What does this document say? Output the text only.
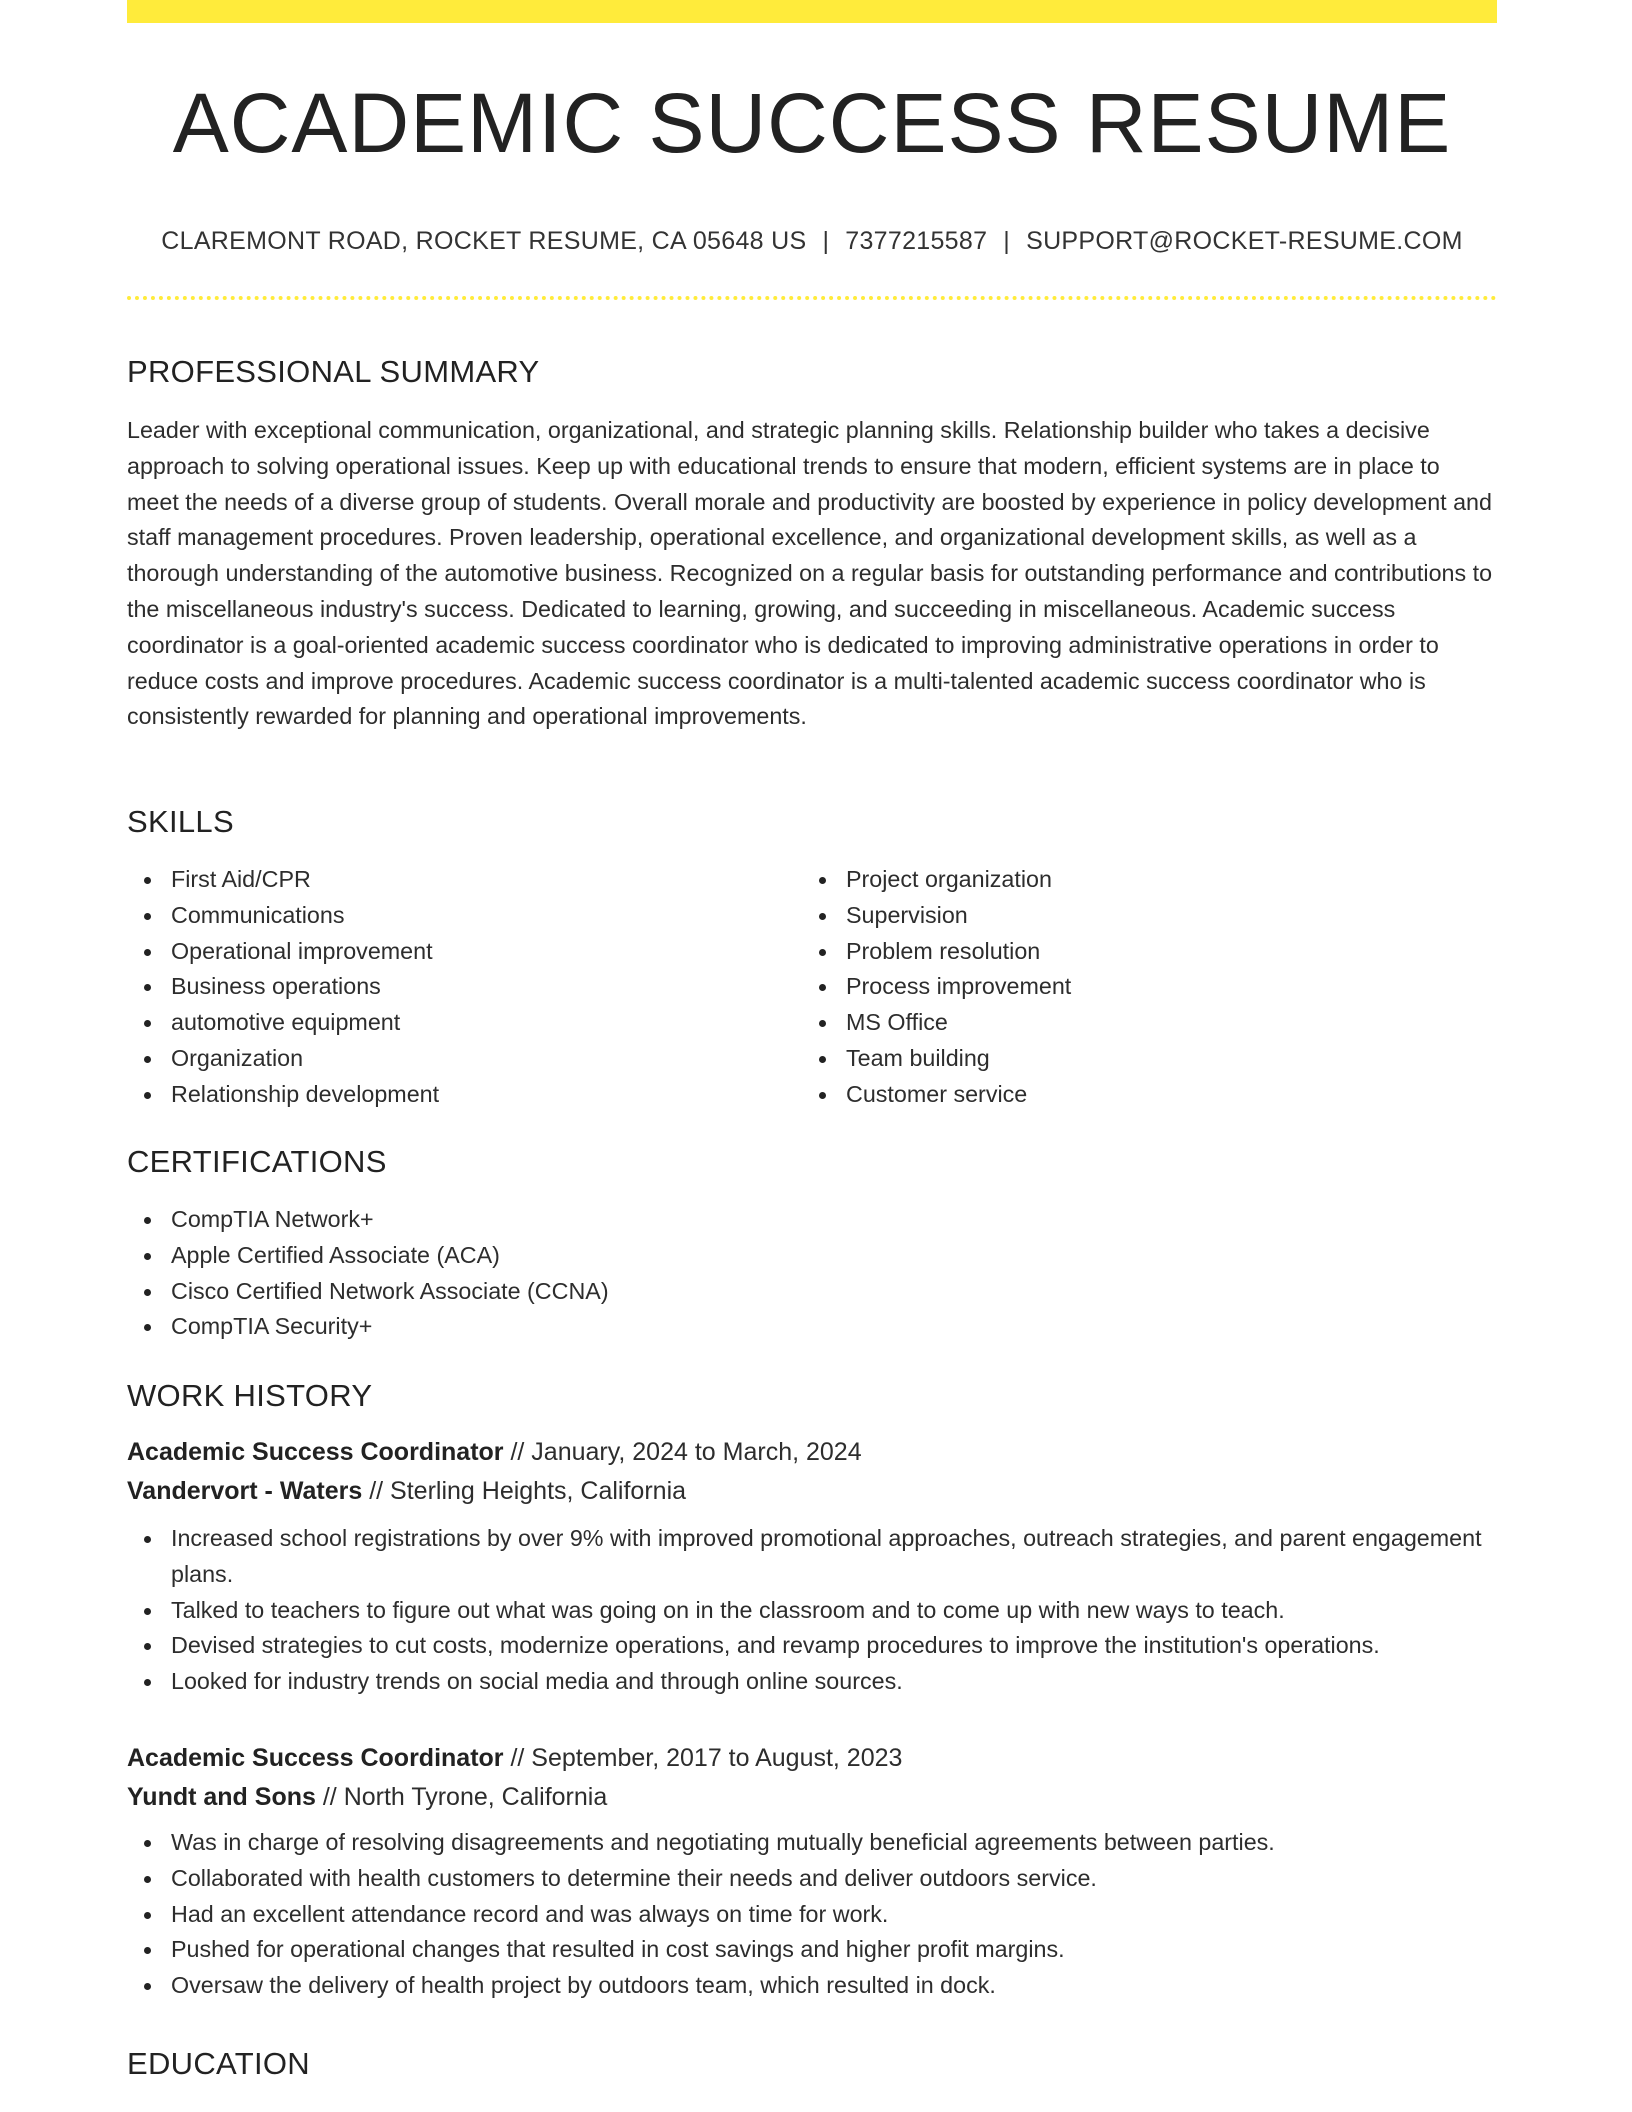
ACADEMIC SUCCESS RESUME
CLAREMONT ROAD, ROCKET RESUME, CA 05648 US | 7377215587 | SUPPORT@ROCKET-RESUME.COM
PROFESSIONAL SUMMARY

Leader with exceptional communication, organizational, and strategic planning skills. Relationship builder who takes a decisive approach to solving operational issues. Keep up with educational trends to ensure that modern, efficient systems are in place to meet the needs of a diverse group of students. Overall morale and productivity are boosted by experience in policy development and staff management procedures. Proven leadership, operational excellence, and organizational development skills, as well as a thorough understanding of the automotive business. Recognized on a regular basis for outstanding performance and contributions to the miscellaneous industry's success. Dedicated to learning, growing, and succeeding in miscellaneous. Academic success coordinator is a goal-oriented academic success coordinator who is dedicated to improving administrative operations in order to reduce costs and improve procedures. Academic success coordinator is a multi-talented academic success coordinator who is consistently rewarded for planning and operational improvements.

SKILLS
First Aid/CPR
Communications
Operational improvement
Business operations
automotive equipment
Organization
Relationship development
Project organization
Supervision
Problem resolution
Process improvement
MS Office
Team building
Customer service
CERTIFICATIONS
CompTIA Network+
Apple Certified Associate (ACA)
Cisco Certified Network Associate (CCNA)
CompTIA Security+
WORK HISTORY
Academic Success Coordinator // January, 2024 to March, 2024
Vandervort - Waters // Sterling Heights, California
Increased school registrations by over 9% with improved promotional approaches, outreach strategies, and parent engagement plans.
Talked to teachers to figure out what was going on in the classroom and to come up with new ways to teach.
Devised strategies to cut costs, modernize operations, and revamp procedures to improve the institution's operations.
Looked for industry trends on social media and through online sources.
Academic Success Coordinator // September, 2017 to August, 2023
Yundt and Sons // North Tyrone, California
Was in charge of resolving disagreements and negotiating mutually beneficial agreements between parties.
Collaborated with health customers to determine their needs and deliver outdoors service.
Had an excellent attendance record and was always on time for work.
Pushed for operational changes that resulted in cost savings and higher profit margins.
Oversaw the delivery of health project by outdoors team, which resulted in dock.
EDUCATION
